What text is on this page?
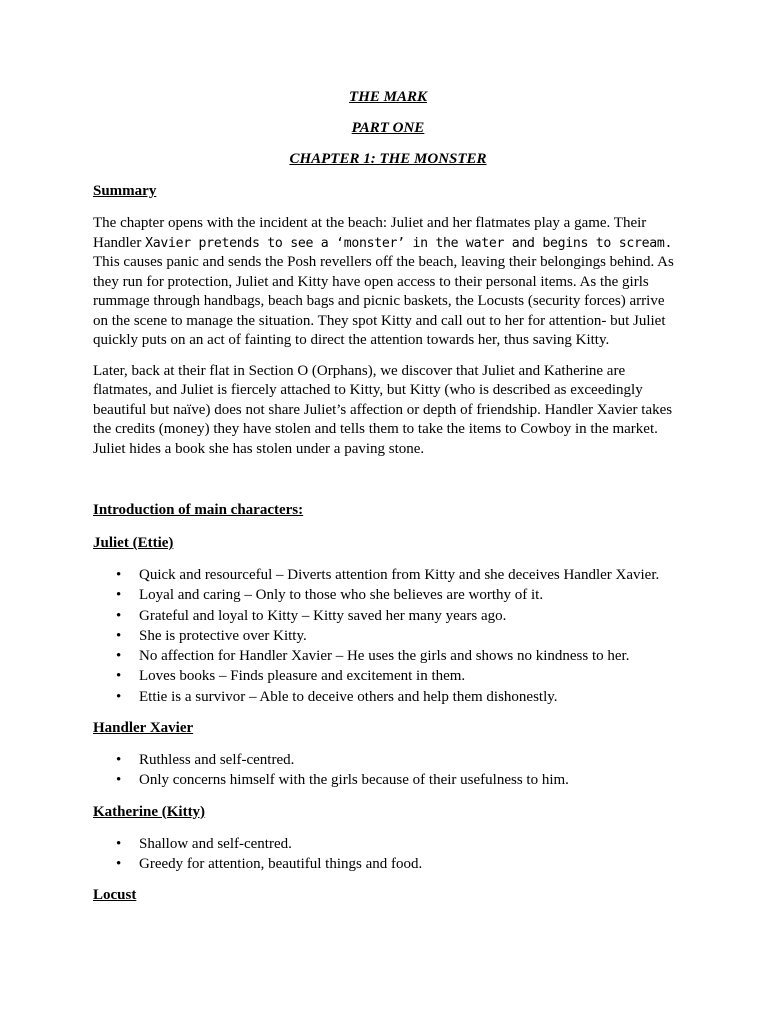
THE MARK

PART ONE

CHAPTER 1: THE MONSTER

Summary

The chapter opens with the incident at the beach: Juliet and her flatmates play a game. Their Handler Xavier pretends to see a ‘monster’ in the water and begins to scream. This causes panic and sends the Posh revellers off the beach, leaving their belongings behind. As they run for protection, Juliet and Kitty have open access to their personal items. As the girls rummage through handbags, beach bags and picnic baskets, the Locusts (security forces) arrive on the scene to manage the situation. They spot Kitty and call out to her for attention- but Juliet quickly puts on an act of fainting to direct the attention towards her, thus saving Kitty.

Later, back at their flat in Section O (Orphans), we discover that Juliet and Katherine are flatmates, and Juliet is fiercely attached to Kitty, but Kitty (who is described as exceedingly beautiful but naïve) does not share Juliet’s affection or depth of friendship. Handler Xavier takes the credits (money) they have stolen and tells them to take the items to Cowboy in the market. Juliet hides a book she has stolen under a paving stone.

Introduction of main characters:

Juliet (Ettie)

• Quick and resourceful – Diverts attention from Kitty and she deceives Handler Xavier.
• Loyal and caring – Only to those who she believes are worthy of it.
• Grateful and loyal to Kitty – Kitty saved her many years ago.
• She is protective over Kitty.
• No affection for Handler Xavier – He uses the girls and shows no kindness to her.
• Loves books – Finds pleasure and excitement in them.
• Ettie is a survivor – Able to deceive others and help them dishonestly.

Handler Xavier

• Ruthless and self-centred.
• Only concerns himself with the girls because of their usefulness to him.

Katherine (Kitty)

• Shallow and self-centred.
• Greedy for attention, beautiful things and food.

Locust
